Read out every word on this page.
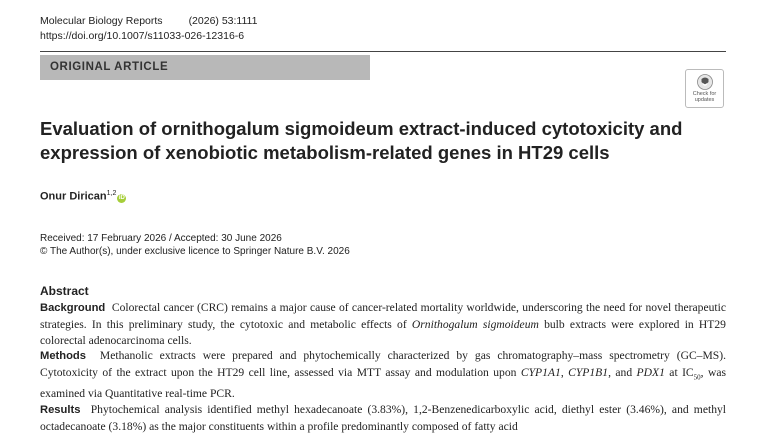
Molecular Biology Reports (2026) 53:1111
https://doi.org/10.1007/s11033-026-12316-6
ORIGINAL ARTICLE
Check for
updates
Evaluation of ornithogalum sigmoideum extract-induced cytotoxicity and expression of xenobiotic metabolism-related genes in HT29 cells
Onur Dirican$^{1,2}$iD
Received: 17 February 2026 / Accepted: 30 June 2026
© The Author(s), under exclusive licence to Springer Nature B.V. 2026
Abstract

Background Colorectal cancer (CRC) remains a major cause of cancer-related mortality worldwide, underscoring the need for novel therapeutic strategies. In this preliminary study, the cytotoxic and metabolic effects of Ornithogalum sigmoideum bulb extracts were explored in HT29 colorectal adenocarcinoma cells.

Methods Methanolic extracts were prepared and phytochemically characterized by gas chromatography–mass spectrometry (GC–MS). Cytotoxicity of the extract upon the HT29 cell line, assessed via MTT assay and modulation upon CYP1A1, CYP1B1, and PDX1 at $IC_{50}$, was examined via Quantitative real-time PCR.

Results Phytochemical analysis identified methyl hexadecanoate (3.83%), 1,2-Benzenedicarboxylic acid, diethyl ester (3.46%), and methyl octadecanoate (3.18%) as the major constituents within a profile predominantly composed of fatty acid
